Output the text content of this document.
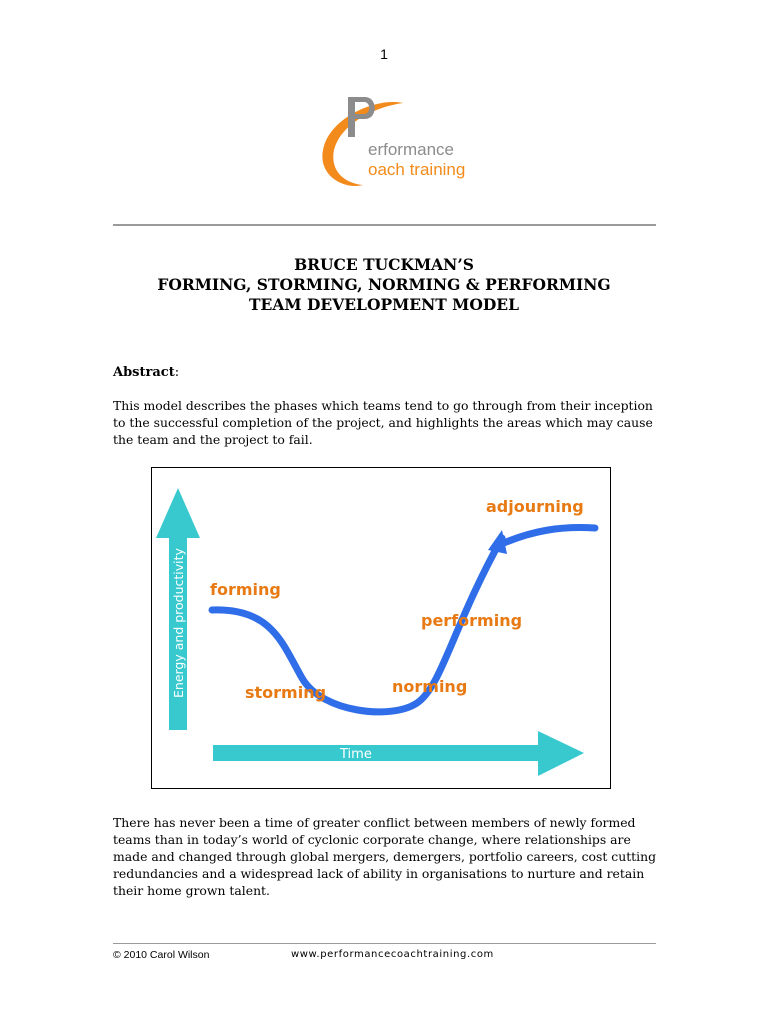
1
erformance
oach training
BRUCE TUCKMAN’S
FORMING, STORMING, NORMING & PERFORMING
TEAM DEVELOPMENT MODEL
Abstract:
This model describes the phases which teams tend to go through from their inception to the successful completion of the project, and highlights the areas which may cause the team and the project to fail.
Energy and productivity
Time
forming
storming	norming
performing
adjourning
There has never been a time of greater conflict between members of newly formed teams than in today’s world of cyclonic corporate change, where relationships are made and changed through global mergers, demergers, portfolio careers, cost cutting redundancies and a widespread lack of ability in organisations to nurture and retain their home grown talent.
© 2010 Carol Wilson	www.performancecoachtraining.com
